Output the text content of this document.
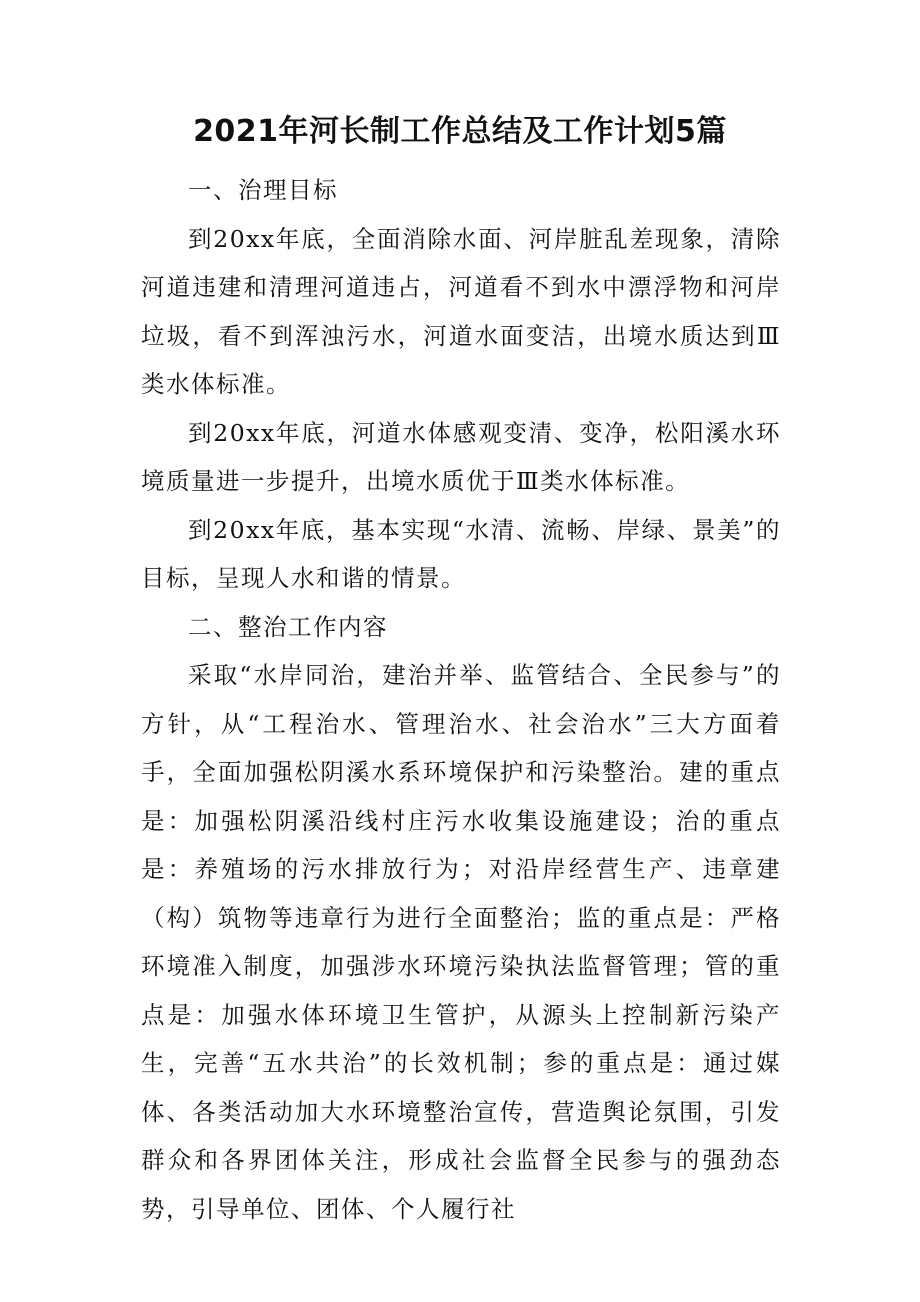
2021年河长制工作总结及工作计划5篇

一、治理目标

到20xx年底，全面消除水面、河岸脏乱差现象，清除河道违建和清理河道违占，河道看不到水中漂浮物和河岸垃圾，看不到浑浊污水，河道水面变洁，出境水质达到Ⅲ类水体标准。

到20xx年底，河道水体感观变清、变净，松阳溪水环境质量进一步提升，出境水质优于Ⅲ类水体标准。

到20xx年底，基本实现“水清、流畅、岸绿、景美”的目标，呈现人水和谐的情景。

二、整治工作内容

采取“水岸同治，建治并举、监管结合、全民参与”的方针，从“工程治水、管理治水、社会治水”三大方面着手，全面加强松阴溪水系环境保护和污染整治。建的重点是：加强松阴溪沿线村庄污水收集设施建设；治的重点是：养殖场的污水排放行为；对沿岸经营生产、违章建（构）筑物等违章行为进行全面整治；监的重点是：严格环境准入制度，加强涉水环境污染执法监督管理；管的重点是：加强水体环境卫生管护，从源头上控制新污染产生，完善“五水共治”的长效机制；参的重点是：通过媒体、各类活动加大水环境整治宣传，营造舆论氛围，引发群众和各界团体关注，形成社会监督全民参与的强劲态势，引导单位、团体、个人履行社
